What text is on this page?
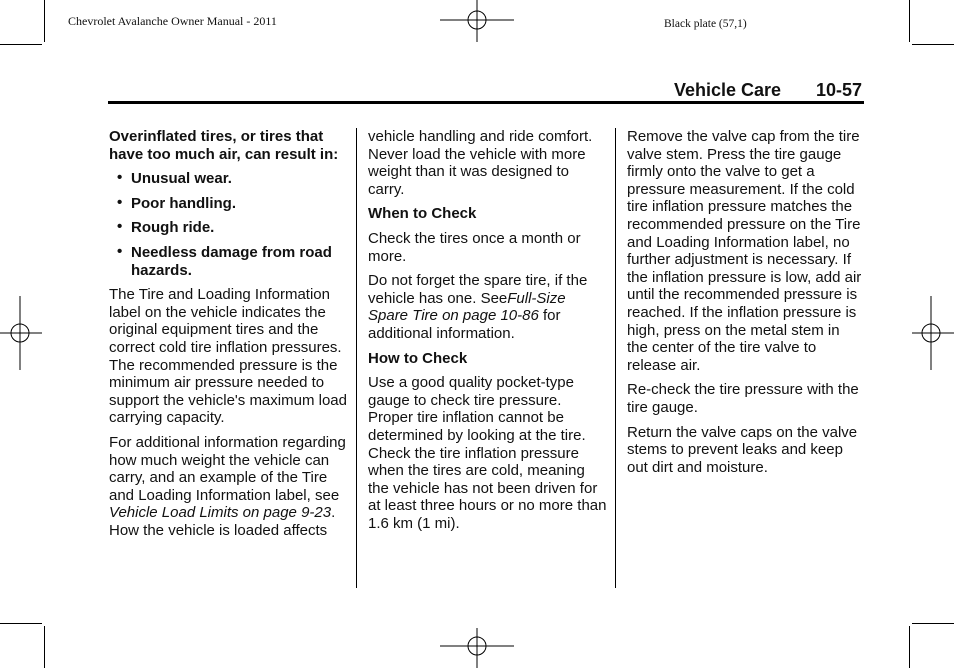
Chevrolet Avalanche Owner Manual - 2011	Black plate (57,1)
Vehicle Care 10-57

Overinflated tires, or tires that have too much air, can result in:

• Unusual wear.
• Poor handling.
• Rough ride.
• Needless damage from road hazards.

The Tire and Loading Information label on the vehicle indicates the original equipment tires and the correct cold tire inflation pressures. The recommended pressure is the minimum air pressure needed to support the vehicle's maximum load carrying capacity.

For additional information regarding how much weight the vehicle can carry, and an example of the Tire and Loading Information label, see Vehicle Load Limits on page 9-23. How the vehicle is loaded affects

vehicle handling and ride comfort. Never load the vehicle with more weight than it was designed to carry.

When to Check

Check the tires once a month or more.

Do not forget the spare tire, if the vehicle has one. SeeFull-Size Spare Tire on page 10-86 for additional information.

How to Check

Use a good quality pocket-type gauge to check tire pressure. Proper tire inflation cannot be determined by looking at the tire. Check the tire inflation pressure when the tires are cold, meaning the vehicle has not been driven for at least three hours or no more than 1.6 km (1 mi).

Remove the valve cap from the tire valve stem. Press the tire gauge firmly onto the valve to get a pressure measurement. If the cold tire inflation pressure matches the recommended pressure on the Tire and Loading Information label, no further adjustment is necessary. If the inflation pressure is low, add air until the recommended pressure is reached. If the inflation pressure is high, press on the metal stem in the center of the tire valve to release air.

Re-check the tire pressure with the tire gauge.

Return the valve caps on the valve stems to prevent leaks and keep out dirt and moisture.
